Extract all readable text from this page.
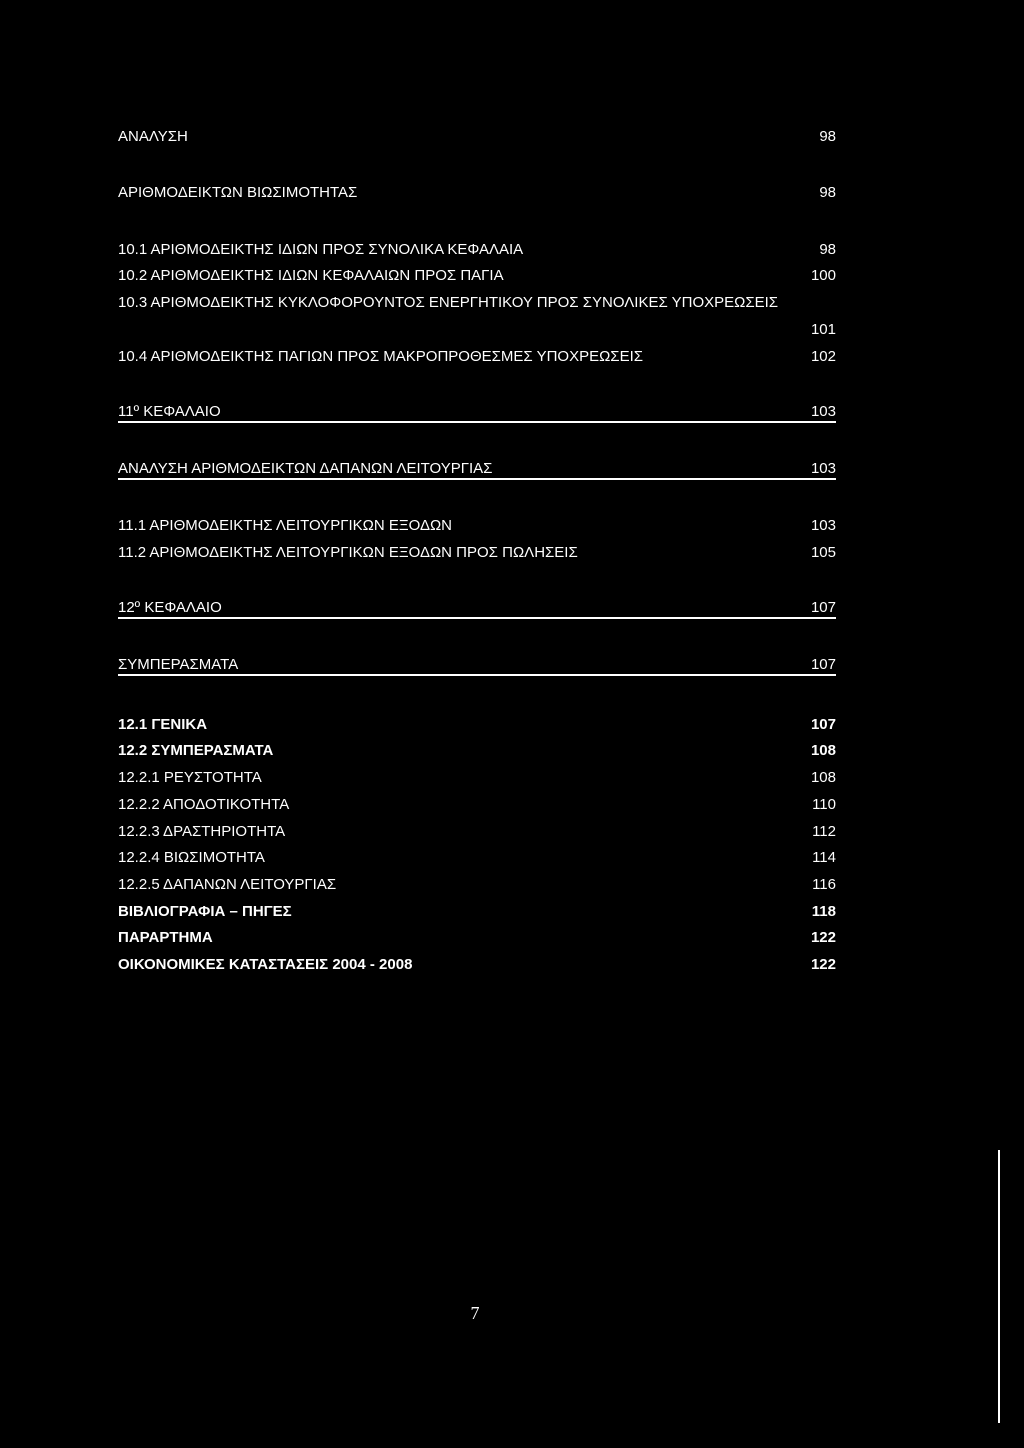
ΑΝΑΛΥΣΗ	98
ΑΡΙΘΜΟΔΕΙΚΤΩΝ ΒΙΩΣΙΜΟΤΗΤΑΣ	98
10.1 ΑΡΙΘΜΟΔΕΙΚΤΗΣ ΙΔΙΩΝ ΠΡΟΣ ΣΥΝΟΛΙΚΑ ΚΕΦΑΛΑΙΑ	98
10.2 ΑΡΙΘΜΟΔΕΙΚΤΗΣ ΙΔΙΩΝ ΚΕΦΑΛΑΙΩΝ ΠΡΟΣ ΠΑΓΙΑ	100
10.3 ΑΡΙΘΜΟΔΕΙΚΤΗΣ ΚΥΚΛΟΦΟΡΟΥΝΤΟΣ ΕΝΕΡΓΗΤΙΚΟΥ ΠΡΟΣ ΣΥΝΟΛΙΚΕΣ ΥΠΟΧΡΕΩΣΕΙΣ
101
10.4 ΑΡΙΘΜΟΔΕΙΚΤΗΣ ΠΑΓΙΩΝ ΠΡΟΣ ΜΑΚΡΟΠΡΟΘΕΣΜΕΣ ΥΠΟΧΡΕΩΣΕΙΣ	102
11º ΚΕΦΑΛΑΙΟ	103
ΑΝΑΛΥΣΗ ΑΡΙΘΜΟΔΕΙΚΤΩΝ ΔΑΠΑΝΩΝ ΛΕΙΤΟΥΡΓΙΑΣ	103
11.1 ΑΡΙΘΜΟΔΕΙΚΤΗΣ ΛΕΙΤΟΥΡΓΙΚΩΝ ΕΞΟΔΩΝ	103
11.2 ΑΡΙΘΜΟΔΕΙΚΤΗΣ ΛΕΙΤΟΥΡΓΙΚΩΝ ΕΞΟΔΩΝ ΠΡΟΣ ΠΩΛΗΣΕΙΣ	105
12º ΚΕΦΑΛΑΙΟ	107
ΣΥΜΠΕΡΑΣΜΑΤΑ	107
12.1 ΓΕΝΙΚΑ	107
12.2 ΣΥΜΠΕΡΑΣΜΑΤΑ	108
12.2.1 ΡΕΥΣΤΟΤΗΤΑ	108
12.2.2 ΑΠΟΔΟΤΙΚΟΤΗΤΑ	110
12.2.3 ΔΡΑΣΤΗΡΙΟΤΗΤΑ	112
12.2.4 ΒΙΩΣΙΜΟΤΗΤΑ	114
12.2.5 ΔΑΠΑΝΩΝ ΛΕΙΤΟΥΡΓΙΑΣ	116
ΒΙΒΛΙΟΓΡΑΦΙΑ – ΠΗΓΕΣ	118
ΠΑΡΑΡΤΗΜΑ	122
ΟΙΚΟΝΟΜΙΚΕΣ ΚΑΤΑΣΤΑΣΕΙΣ 2004 - 2008	122
7
